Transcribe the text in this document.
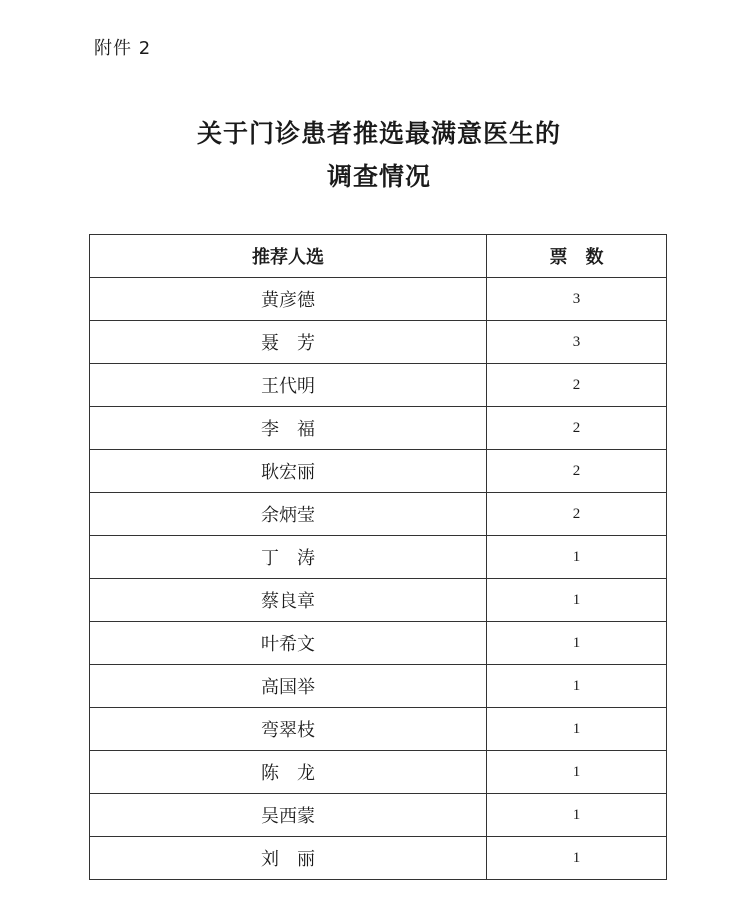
附件 2
关于门诊患者推选最满意医生的
调查情况
推荐人选	票　数
黄彦德	3
聂　芳	3
王代明	2
李　福	2
耿宏丽	2
余炳莹	2
丁　涛	1
蔡良章	1
叶希文	1
高国举	1
弯翠枝	1
陈　龙	1
吴西蒙	1
刘　丽	1
